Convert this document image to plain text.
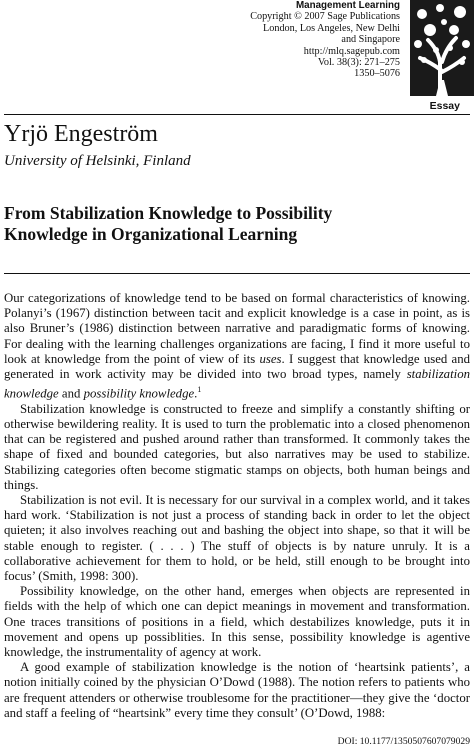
Management Learning
Copyright © 2007 Sage Publications
London, Los Angeles, New Delhi
and Singapore
http://mlq.sagepub.com
Vol. 38(3): 271–275
1350–5076
Essay
Yrjö Engeström
University of Helsinki, Finland
From Stabilization Knowledge to Possibility
Knowledge in Organizational Learning

Our categorizations of knowledge tend to be based on formal characteristics of knowing. Polanyi’s (1967) distinction between tacit and explicit knowledge is a case in point, as is also Bruner’s (1986) distinction between narrative and paradigmatic forms of knowing. For dealing with the learning challenges organizations are facing, I find it more useful to look at knowledge from the point of view of its uses. I suggest that knowledge used and generated in work activity may be divided into two broad types, namely stabilization knowledge and possibility knowledge.$^1$

Stabilization knowledge is constructed to freeze and simplify a constantly shifting or otherwise bewildering reality. It is used to turn the problematic into a closed phenomenon that can be registered and pushed around rather than transformed. It commonly takes the shape of fixed and bounded categories, but also narratives may be used to stabilize. Stabilizing categories often become stigmatic stamps on objects, both human beings and things.

Stabilization is not evil. It is necessary for our survival in a complex world, and it takes hard work. ‘Stabilization is not just a process of standing back in order to let the object quieten; it also involves reaching out and bashing the object into shape, so that it will be stable enough to register. ( . . . ) The stuff of objects is by nature unruly. It is a collaborative achievement for them to hold, or be held, still enough to be brought into focus’ (Smith, 1998: 300).

Possibility knowledge, on the other hand, emerges when objects are represented in fields with the help of which one can depict meanings in movement and transformation. One traces transitions of positions in a field, which destabilizes knowledge, puts it in movement and opens up possiblities. In this sense, possibility knowledge is agentive knowledge, the instrumentality of agency at work.

A good example of stabilization knowledge is the notion of ‘heartsink patients’, a notion initially coined by the physician O’Dowd (1988). The notion refers to patients who are frequent attenders or otherwise troublesome for the practitioner—they give the ‘doctor and staff a feeling of “heartsink” every time they consult’ (O’Dowd, 1988:

DOI: 10.1177/1350507607079029
